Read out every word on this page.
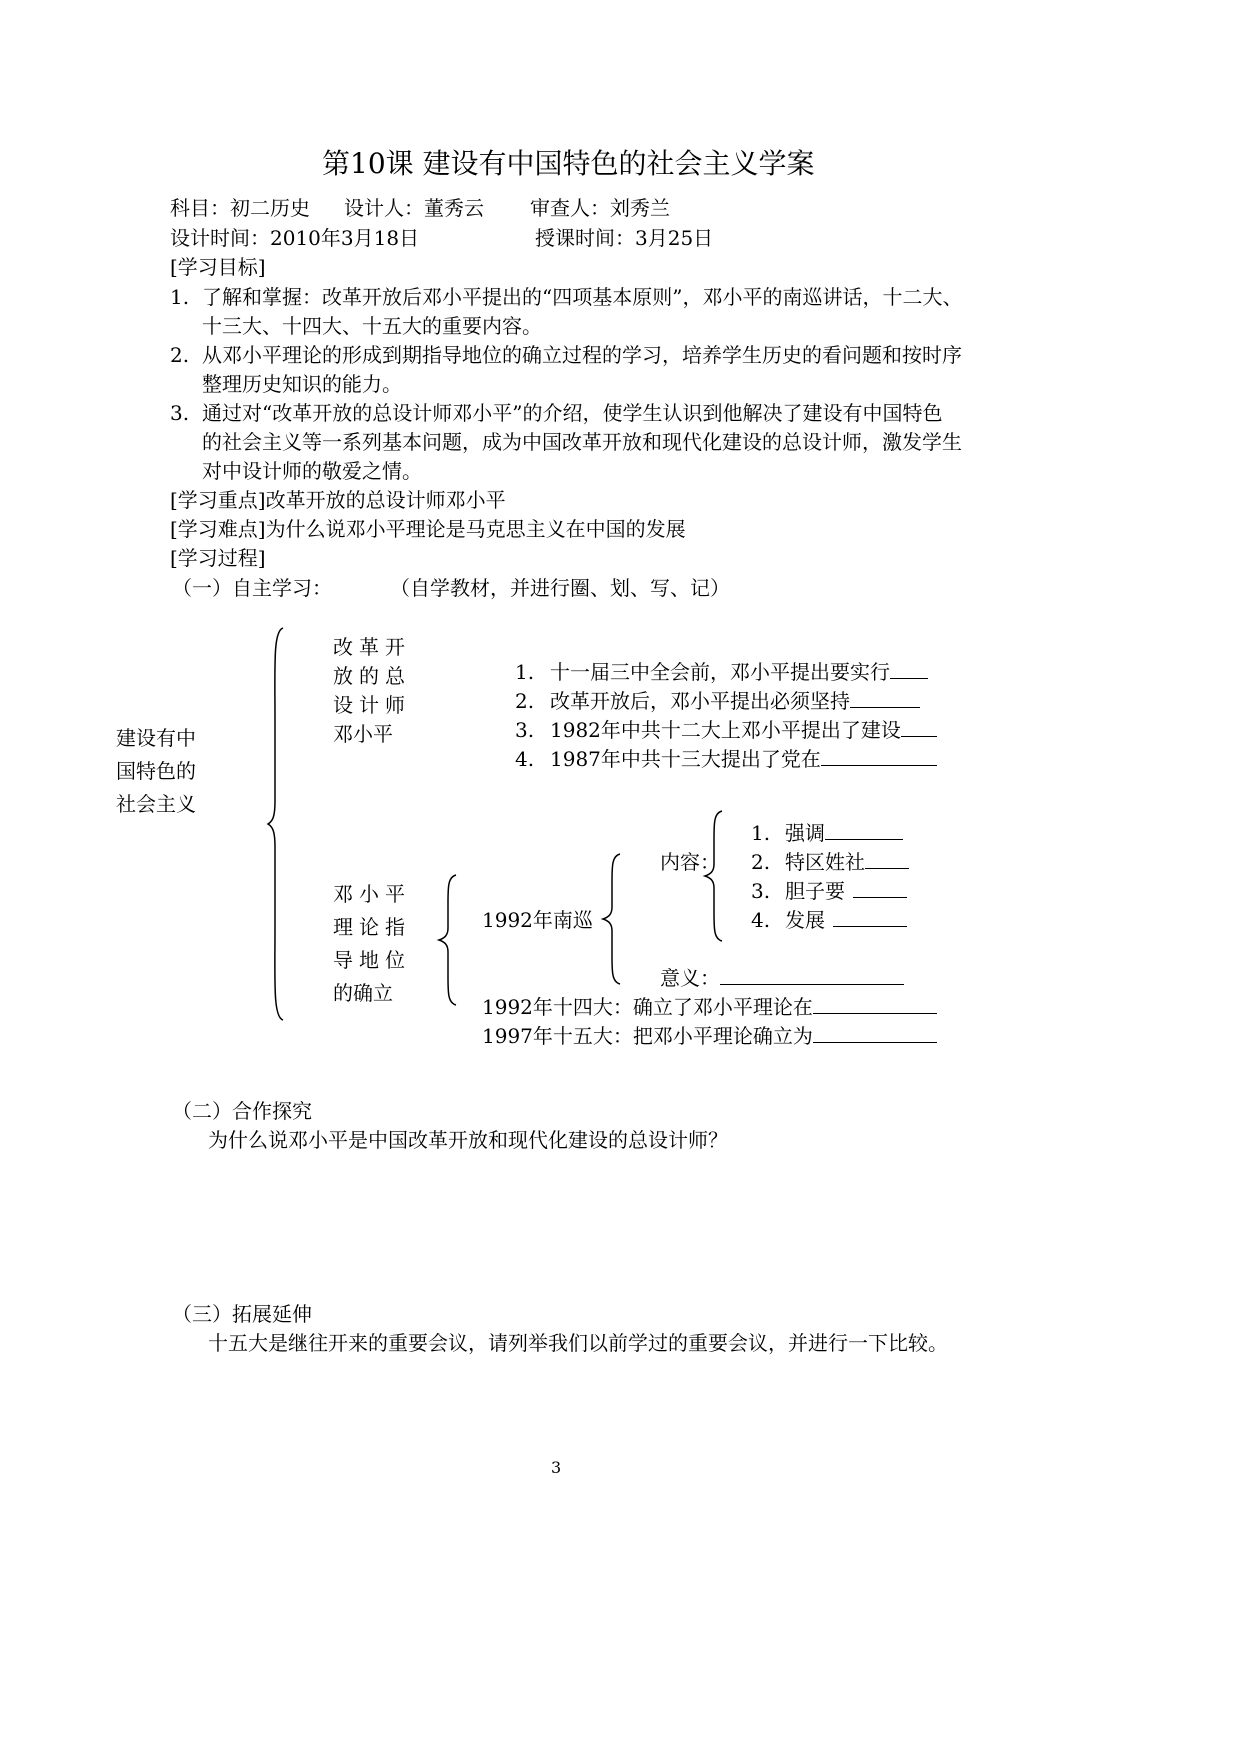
第10课 建设有中国特色的社会主义学案
科目：初二历史 设计人：董秀云 审查人：刘秀兰
设计时间：2010年3月18日	授课时间：3月25日
[学习目标]
1. 了解和掌握：改革开放后邓小平提出的“四项基本原则”，邓小平的南巡讲话，十二大、
十三大、十四大、十五大的重要内容。
2. 从邓小平理论的形成到期指导地位的确立过程的学习，培养学生历史的看问题和按时序
整理历史知识的能力。
3. 通过对“改革开放的总设计师邓小平”的介绍，使学生认识到他解决了建设有中国特色
的社会主义等一系列基本问题，成为中国改革开放和现代化建设的总设计师，激发学生
对中设计师的敬爱之情。
[学习重点]改革开放的总设计师邓小平
[学习难点]为什么说邓小平理论是马克思主义在中国的发展
[学习过程]
（一）自主学习：	（自学教材，并进行圈、划、写、记）
建设有中
国特色的
社会主义
改革开
放的总
设计师
邓小平
1. 十一届三中全会前，邓小平提出要实行
2. 改革开放后，邓小平提出必须坚持
3. 1982年中共十二大上邓小平提出了建设
4. 1987年中共十三大提出了党在
邓小平
理论指
导地位
的确立
1992年南巡
内容：
1. 强调
2. 特区姓社
3. 胆子要
4. 发展
意义：
1992年十四大：确立了邓小平理论在
1997年十五大：把邓小平理论确立为
（二）合作探究
为什么说邓小平是中国改革开放和现代化建设的总设计师？
（三）拓展延伸
十五大是继往开来的重要会议，请列举我们以前学过的重要会议，并进行一下比较。
3
